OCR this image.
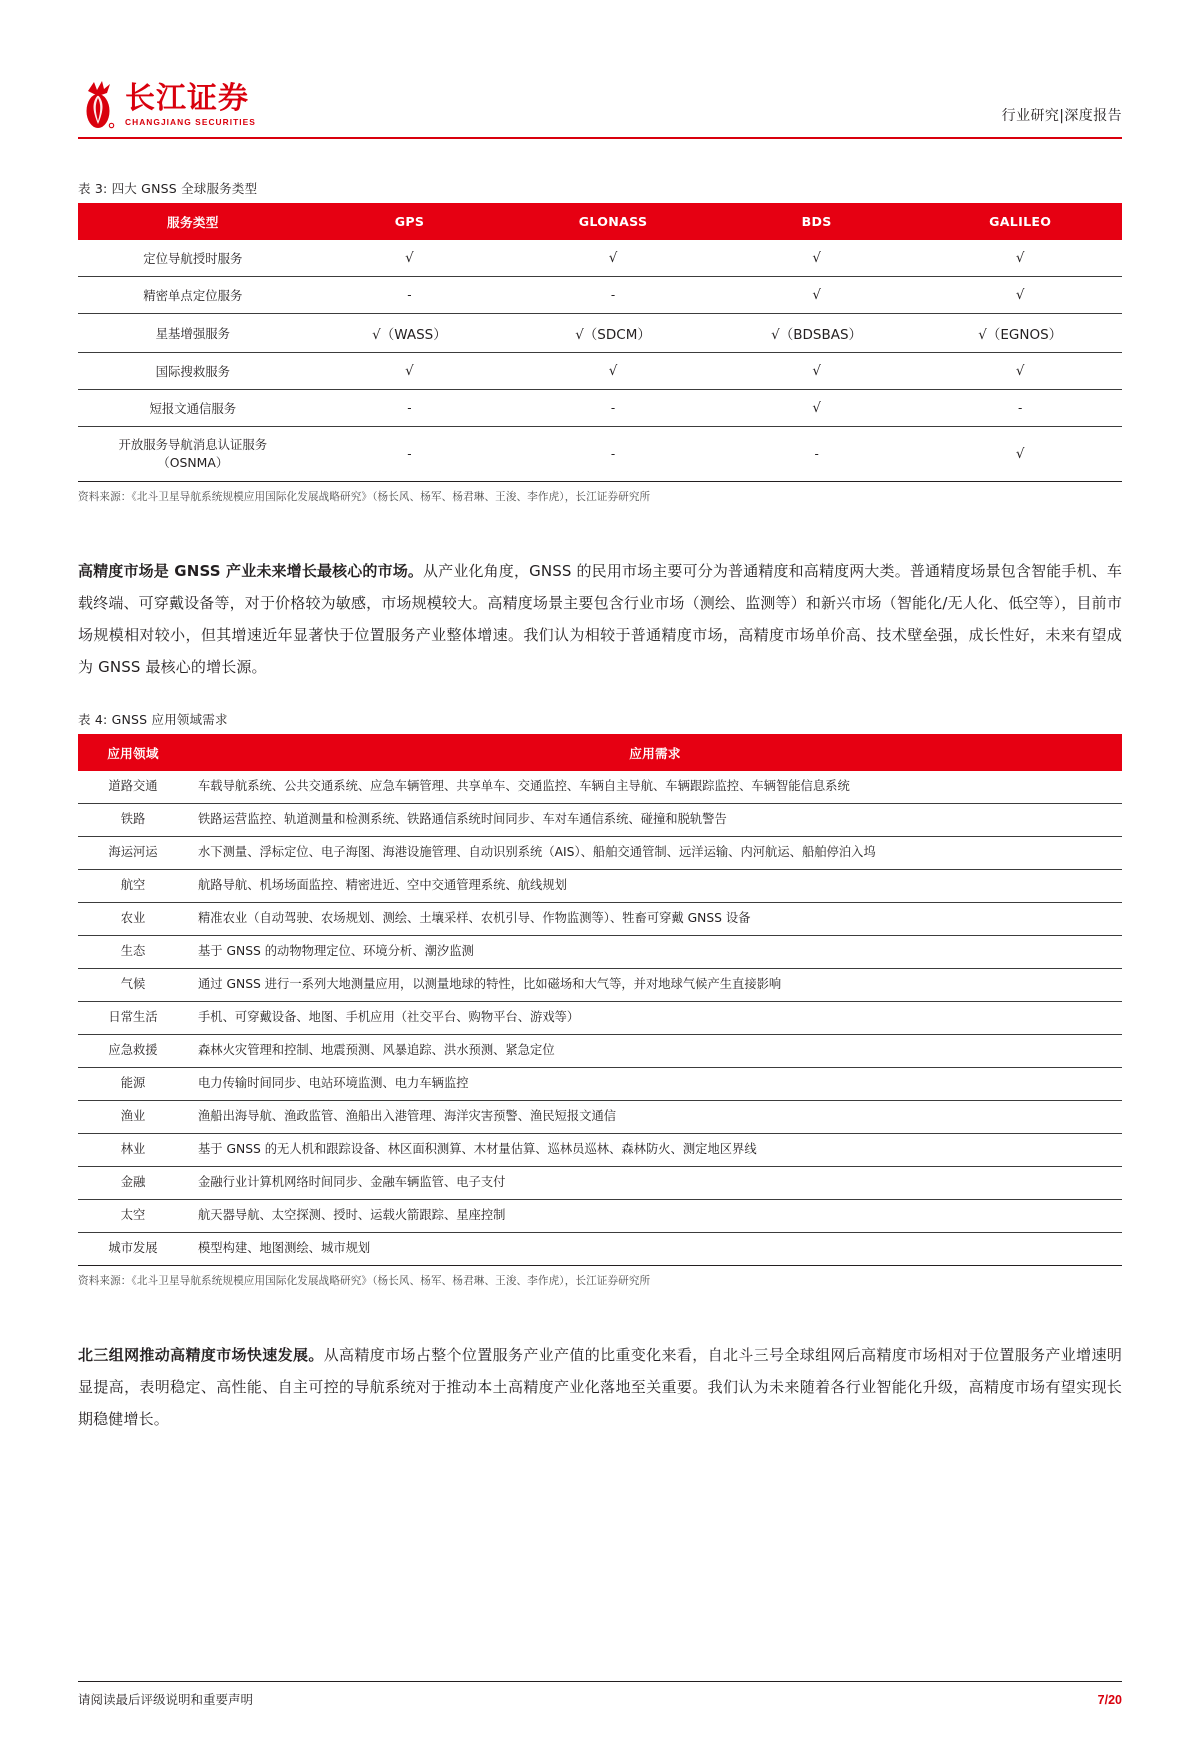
长江证券
CHANGJIANG SECURITIES	行业研究|深度报告
表 3: 四大 GNSS 全球服务类型
服务类型	GPS	GLONASS	BDS	GALILEO
定位导航授时服务	√	√	√	√
精密单点定位服务	-	-	√	√
星基增强服务	√（WASS）	√（SDCM）	√（BDSBAS）	√（EGNOS）
国际搜救服务	√	√	√	√
短报文通信服务	-	-	√	-
开放服务导航消息认证服务
（OSNMA）	-	-	-	√
资料来源：《北斗卫星导航系统规模应用国际化发展战略研究》（杨长风、杨军、杨君琳、王浚、李作虎），长江证券研究所

高精度市场是 GNSS 产业未来增长最核心的市场。从产业化角度，GNSS 的民用市场主要可分为普通精度和高精度两大类。普通精度场景包含智能手机、车载终端、可穿戴设备等，对于价格较为敏感，市场规模较大。高精度场景主要包含行业市场（测绘、监测等）和新兴市场（智能化/无人化、低空等），目前市场规模相对较小，但其增速近年显著快于位置服务产业整体增速。我们认为相较于普通精度市场，高精度市场单价高、技术壁垒强，成长性好，未来有望成为 GNSS 最核心的增长源。

表 4: GNSS 应用领域需求
应用领域	应用需求
道路交通	车载导航系统、公共交通系统、应急车辆管理、共享单车、交通监控、车辆自主导航、车辆跟踪监控、车辆智能信息系统
铁路	铁路运营监控、轨道测量和检测系统、铁路通信系统时间同步、车对车通信系统、碰撞和脱轨警告
海运河运	水下测量、浮标定位、电子海图、海港设施管理、自动识别系统（AIS）、船舶交通管制、远洋运输、内河航运、船舶停泊入坞
航空	航路导航、机场场面监控、精密进近、空中交通管理系统、航线规划
农业	精准农业（自动驾驶、农场规划、测绘、土壤采样、农机引导、作物监测等）、牲畜可穿戴 GNSS 设备
生态	基于 GNSS 的动物物理定位、环境分析、潮汐监测
气候	通过 GNSS 进行一系列大地测量应用，以测量地球的特性，比如磁场和大气等，并对地球气候产生直接影响
日常生活	手机、可穿戴设备、地图、手机应用（社交平台、购物平台、游戏等）
应急救援	森林火灾管理和控制、地震预测、风暴追踪、洪水预测、紧急定位
能源	电力传输时间同步、电站环境监测、电力车辆监控
渔业	渔船出海导航、渔政监管、渔船出入港管理、海洋灾害预警、渔民短报文通信
林业	基于 GNSS 的无人机和跟踪设备、林区面积测算、木材量估算、巡林员巡林、森林防火、测定地区界线
金融	金融行业计算机网络时间同步、金融车辆监管、电子支付
太空	航天器导航、太空探测、授时、运载火箭跟踪、星座控制
城市发展	模型构建、地图测绘、城市规划
资料来源：《北斗卫星导航系统规模应用国际化发展战略研究》（杨长风、杨军、杨君琳、王浚、李作虎），长江证券研究所

北三组网推动高精度市场快速发展。从高精度市场占整个位置服务产业产值的比重变化来看，自北斗三号全球组网后高精度市场相对于位置服务产业增速明显提高，表明稳定、高性能、自主可控的导航系统对于推动本土高精度产业化落地至关重要。我们认为未来随着各行业智能化升级，高精度市场有望实现长期稳健增长。

请阅读最后评级说明和重要声明	7/20
